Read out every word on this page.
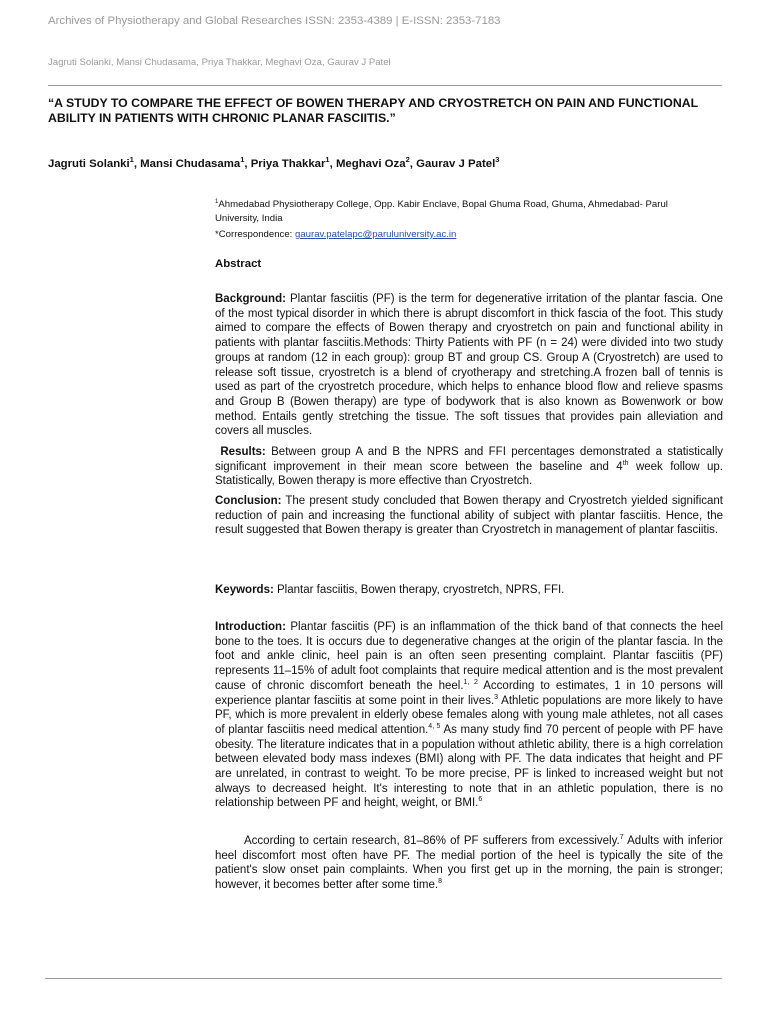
Archives of Physiotherapy and Global Researches ISSN: 2353-4389 | E-ISSN: 2353-7183
Jagruti Solanki, Mansi Chudasama, Priya Thakkar, Meghavi Oza, Gaurav J Patel
“A STUDY TO COMPARE THE EFFECT OF BOWEN THERAPY AND CRYOSTRETCH ON PAIN AND FUNCTIONAL ABILITY IN PATIENTS WITH CHRONIC PLANAR FASCIITIS.”
Jagruti Solanki$^1$, Mansi Chudasama$^1$, Priya Thakkar$^1$, Meghavi Oza$^2$, Gaurav J Patel$^3$
$^1$Ahmedabad Physiotherapy College, Opp. Kabir Enclave, Bopal Ghuma Road, Ghuma, Ahmedabad- Parul University, India
*Correspondence: gaurav.patelapc@paruluniversity.ac.in
Abstract
Background: Plantar fasciitis (PF) is the term for degenerative irritation of the plantar fascia. One of the most typical disorder in which there is abrupt discomfort in thick fascia of the foot. This study aimed to compare the effects of Bowen therapy and cryostretch on pain and functional ability in patients with plantar fasciitis.Methods: Thirty Patients with PF (n = 24) were divided into two study groups at random (12 in each group): group BT and group CS. Group A (Cryostretch) are used to release soft tissue, cryostretch is a blend of cryotherapy and stretching.A frozen ball of tennis is used as part of the cryostretch procedure, which helps to enhance blood flow and relieve spasms and Group B (Bowen therapy) are type of bodywork that is also known as Bowenwork or bow method. Entails gently stretching the tissue. The soft tissues that provides pain alleviation and covers all muscles.
Results: Between group A and B the NPRS and FFI percentages demonstrated a statistically significant improvement in their mean score between the baseline and 4th week follow up. Statistically, Bowen therapy is more effective than Cryostretch.
Conclusion: The present study concluded that Bowen therapy and Cryostretch yielded significant reduction of pain and increasing the functional ability of subject with plantar fasciitis. Hence, the result suggested that Bowen therapy is greater than Cryostretch in management of plantar fasciitis.
Keywords: Plantar fasciitis, Bowen therapy, cryostretch, NPRS, FFI.
Introduction: Plantar fasciitis (PF) is an inflammation of the thick band of that connects the heel bone to the toes. It is occurs due to degenerative changes at the origin of the plantar fascia. In the foot and ankle clinic, heel pain is an often seen presenting complaint. Plantar fasciitis (PF) represents 11–15% of adult foot complaints that require medical attention and is the most prevalent cause of chronic discomfort beneath the heel.$^{1, 2}$ According to estimates, 1 in 10 persons will experience plantar fasciitis at some point in their lives.$^3$ Athletic populations are more likely to have PF, which is more prevalent in elderly obese females along with young male athletes, not all cases of plantar fasciitis need medical attention.$^{4, 5}$ As many study find 70 percent of people with PF have obesity. The literature indicates that in a population without athletic ability, there is a high correlation between elevated body mass indexes (BMI) along with PF. The data indicates that height and PF are unrelated, in contrast to weight. To be more precise, PF is linked to increased weight but not always to decreased height. It's interesting to note that in an athletic population, there is no relationship between PF and height, weight, or BMI.$^6$
According to certain research, 81–86% of PF sufferers from excessively.$^7$ Adults with inferior heel discomfort most often have PF. The medial portion of the heel is typically the site of the patient's slow onset pain complaints. When you first get up in the morning, the pain is stronger; however, it becomes better after some time.$^8$
